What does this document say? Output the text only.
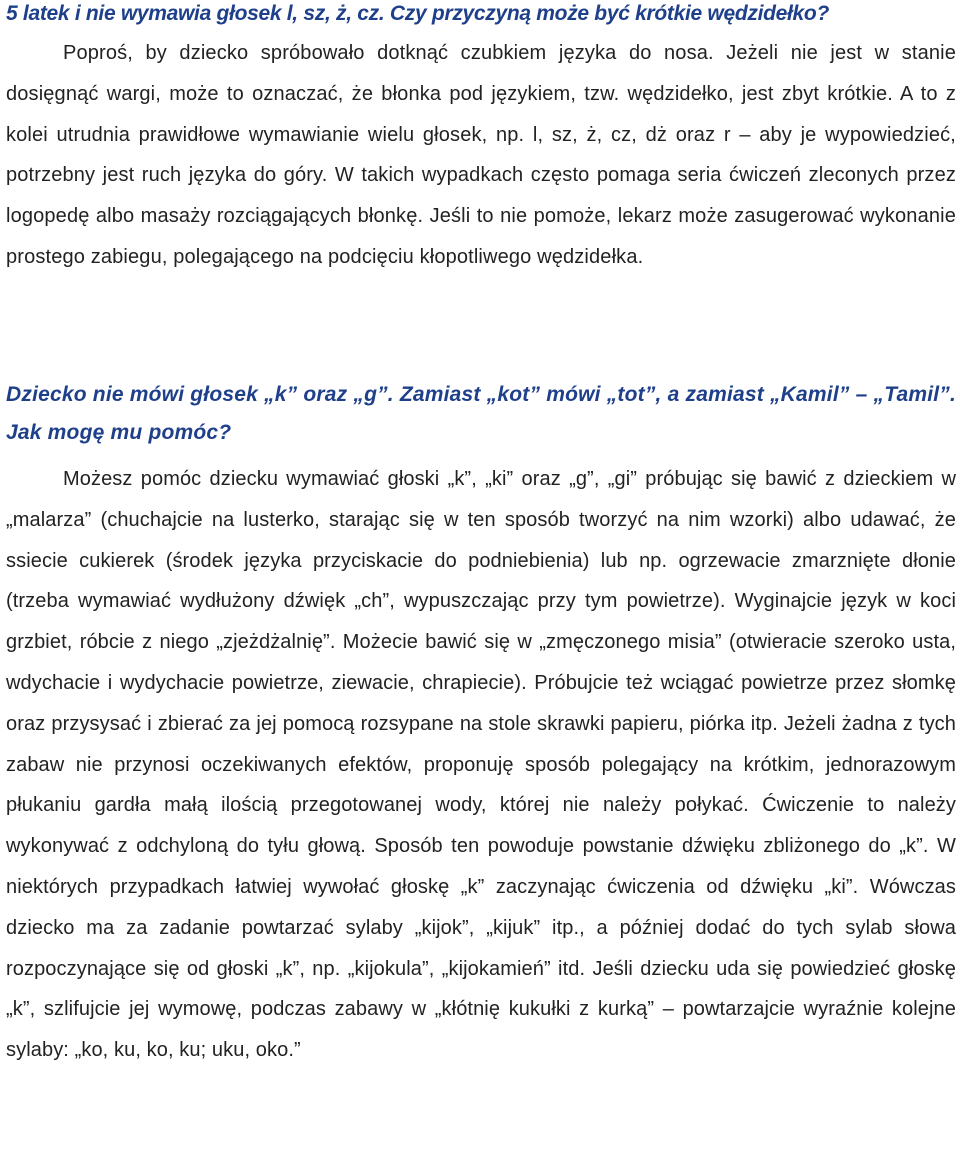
5 latek i nie wymawia głosek l, sz, ż, cz. Czy przyczyną może być krótkie wędzidełko?

Poproś, by dziecko spróbowało dotknąć czubkiem języka do nosa. Jeżeli nie jest w stanie dosięgnąć wargi, może to oznaczać, że błonka pod językiem, tzw. wędzidełko, jest zbyt krótkie. A to z kolei utrudnia prawidłowe wymawianie wielu głosek, np. l, sz, ż, cz, dż oraz r – aby je wypowiedzieć, potrzebny jest ruch języka do góry. W takich wypadkach często pomaga seria ćwiczeń zleconych przez logopedę albo masaży rozciągających błonkę. Jeśli to nie pomoże, lekarz może zasugerować wykonanie prostego zabiegu, polegającego na podcięciu kłopotliwego wędzidełka.

Dziecko nie mówi głosek „k” oraz „g”. Zamiast „kot” mówi „tot”, a zamiast „Kamil” – „Tamil”. Jak mogę mu pomóc?

Możesz pomóc dziecku wymawiać głoski „k”, „ki” oraz „g”, „gi” próbując się bawić z dzieckiem w „malarza” (chuchajcie na lusterko, starając się w ten sposób tworzyć na nim wzorki) albo udawać, że ssiecie cukierek (środek języka przyciskacie do podniebienia) lub np. ogrzewacie zmarznięte dłonie (trzeba wymawiać wydłużony dźwięk „ch”, wypuszczając przy tym powietrze). Wyginajcie język w koci grzbiet, róbcie z niego „zjeżdżalnię”. Możecie bawić się w „zmęczonego misia” (otwieracie szeroko usta, wdychacie i wydychacie powietrze, ziewacie, chrapiecie). Próbujcie też wciągać powietrze przez słomkę oraz przysysać i zbierać za jej pomocą rozsypane na stole skrawki papieru, piórka itp. Jeżeli żadna z tych zabaw nie przynosi oczekiwanych efektów, proponuję sposób polegający na krótkim, jednorazowym płukaniu gardła małą ilością przegotowanej wody, której nie należy połykać. Ćwiczenie to należy wykonywać z odchyloną do tyłu głową. Sposób ten powoduje powstanie dźwięku zbliżonego do „k”. W niektórych przypadkach łatwiej wywołać głoskę „k” zaczynając ćwiczenia od dźwięku „ki”. Wówczas dziecko ma za zadanie powtarzać sylaby „kijok”, „kijuk” itp., a później dodać do tych sylab słowa rozpoczynające się od głoski „k”, np. „kijokula”, „kijokamień” itd. Jeśli dziecku uda się powiedzieć głoskę „k”, szlifujcie jej wymowę, podczas zabawy w „kłótnię kukułki z kurką” – powtarzajcie wyraźnie kolejne sylaby: „ko, ku, ko, ku; uku, oko.”
